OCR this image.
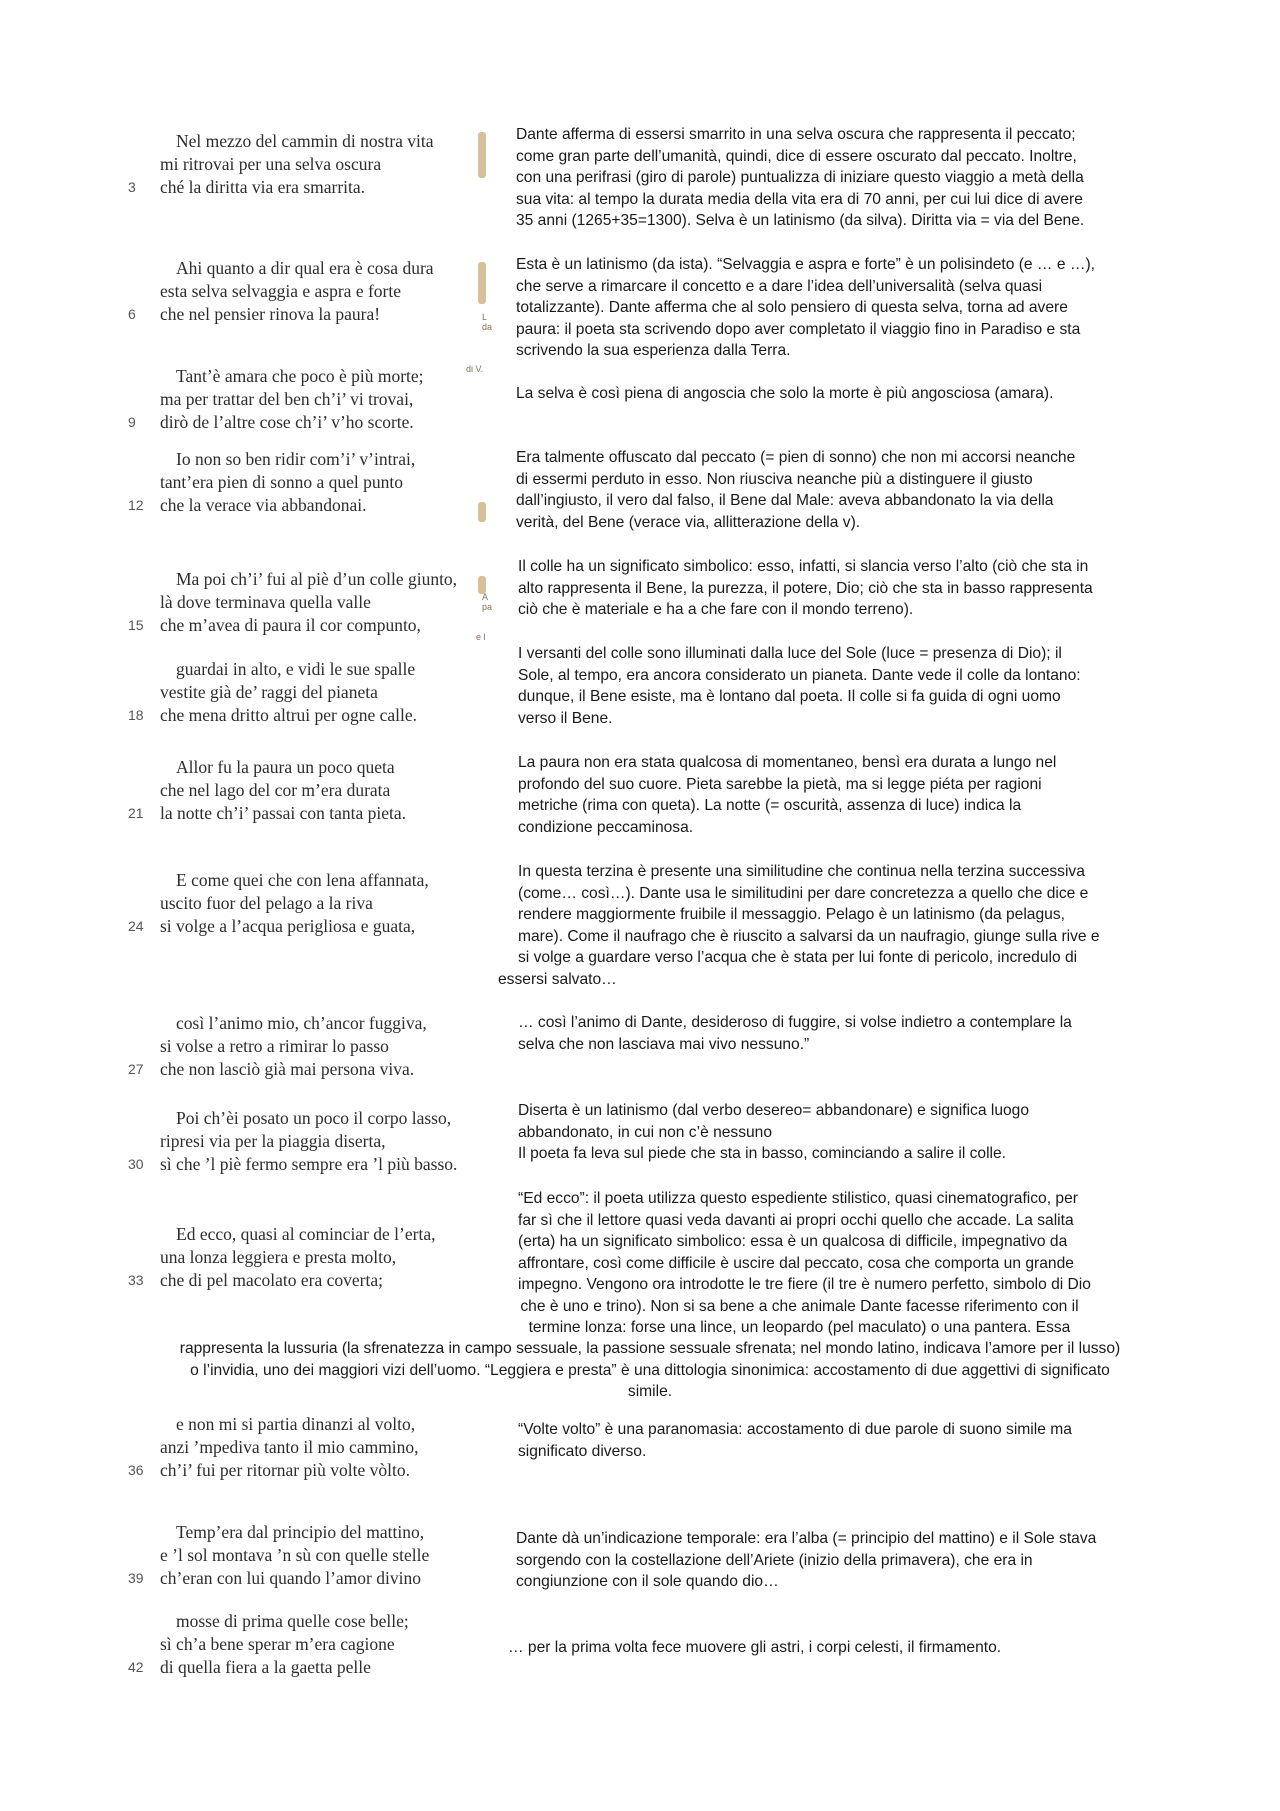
Nel mezzo del cammin di nostra vita
mi ritrovai per una selva oscura
3 ché la diritta via era smarrita.
Ahi quanto a dir qual era è cosa dura
esta selva selvaggia e aspra e forte
6 che nel pensier rinova la paura!
Tant’è amara che poco è più morte;
ma per trattar del ben ch’i’ vi trovai,
9 dirò de l’altre cose ch’i’ v’ho scorte.
Io non so ben ridir com’i’ v’intrai,
tant’era pien di sonno a quel punto
12 che la verace via abbandonai.
Ma poi ch’i’ fui al piè d’un colle giunto,
là dove terminava quella valle
15 che m’avea di paura il cor compunto,
guardai in alto, e vidi le sue spalle
vestite già de’ raggi del pianeta
18 che mena dritto altrui per ogne calle.
Allor fu la paura un poco queta
che nel lago del cor m’era durata
21 la notte ch’i’ passai con tanta pieta.
E come quei che con lena affannata,
uscito fuor del pelago a la riva
24 si volge a l’acqua perigliosa e guata,
così l’animo mio, ch’ancor fuggiva,
si volse a retro a rimirar lo passo
27 che non lasciò già mai persona viva.
Poi ch’èi posato un poco il corpo lasso,
ripresi via per la piaggia diserta,
30 sì che ’l piè fermo sempre era ’l più basso.
Ed ecco, quasi al cominciar de l’erta,
una lonza leggiera e presta molto,
33 che di pel macolato era coverta;
e non mi si partia dinanzi al volto,
anzi ’mpediva tanto il mio cammino,
36 ch’i’ fui per ritornar più volte vòlto.
Temp’era dal principio del mattino,
e ’l sol montava ’n sù con quelle stelle
39 ch’eran con lui quando l’amor divino
mosse di prima quelle cose belle;
sì ch’a bene sperar m’era cagione
42 di quella fiera a la gaetta pelle
L
da
di V.
A
pa
e l

Dante afferma di essersi smarrito in una selva oscura che rappresenta il peccato;

come gran parte dell’umanità, quindi, dice di essere oscurato dal peccato. Inoltre,

con una perifrasi (giro di parole) puntualizza di iniziare questo viaggio a metà della

sua vita: al tempo la durata media della vita era di 70 anni, per cui lui dice di avere

35 anni (1265+35=1300). Selva è un latinismo (da silva). Diritta via = via del Bene.

Esta è un latinismo (da ista). “Selvaggia e aspra e forte” è un polisindeto (e … e …),

che serve a rimarcare il concetto e a dare l’idea dell’universalità (selva quasi

totalizzante). Dante afferma che al solo pensiero di questa selva, torna ad avere

paura: il poeta sta scrivendo dopo aver completato il viaggio fino in Paradiso e sta

scrivendo la sua esperienza dalla Terra.

La selva è così piena di angoscia che solo la morte è più angosciosa (amara).

Era talmente offuscato dal peccato (= pien di sonno) che non mi accorsi neanche

di essermi perduto in esso. Non riusciva neanche più a distinguere il giusto

dall’ingiusto, il vero dal falso, il Bene dal Male: aveva abbandonato la via della

verità, del Bene (verace via, allitterazione della v).

Il colle ha un significato simbolico: esso, infatti, si slancia verso l’alto (ciò che sta in

alto rappresenta il Bene, la purezza, il potere, Dio; ciò che sta in basso rappresenta

ciò che è materiale e ha a che fare con il mondo terreno).

I versanti del colle sono illuminati dalla luce del Sole (luce = presenza di Dio); il

Sole, al tempo, era ancora considerato un pianeta. Dante vede il colle da lontano:

dunque, il Bene esiste, ma è lontano dal poeta. Il colle si fa guida di ogni uomo

verso il Bene.

La paura non era stata qualcosa di momentaneo, bensì era durata a lungo nel

profondo del suo cuore. Pieta sarebbe la pietà, ma si legge piéta per ragioni

metriche (rima con queta). La notte (= oscurità, assenza di luce) indica la

condizione peccaminosa.

In questa terzina è presente una similitudine che continua nella terzina successiva

(come… così…). Dante usa le similitudini per dare concretezza a quello che dice e

rendere maggiormente fruibile il messaggio. Pelago è un latinismo (da pelagus,

mare). Come il naufrago che è riuscito a salvarsi da un naufragio, giunge sulla rive e

si volge a guardare verso l’acqua che è stata per lui fonte di pericolo, incredulo di

essersi salvato…

… così l’animo di Dante, desideroso di fuggire, si volse indietro a contemplare la

selva che non lasciava mai vivo nessuno.”

Diserta è un latinismo (dal verbo desereo= abbandonare) e significa luogo

abbandonato, in cui non c’è nessuno

Il poeta fa leva sul piede che sta in basso, cominciando a salire il colle.

“Ed ecco”: il poeta utilizza questo espediente stilistico, quasi cinematografico, per

far sì che il lettore quasi veda davanti ai propri occhi quello che accade. La salita

(erta) ha un significato simbolico: essa è un qualcosa di difficile, impegnativo da

affrontare, così come difficile è uscire dal peccato, cosa che comporta un grande

impegno. Vengono ora introdotte le tre fiere (il tre è numero perfetto, simbolo di Dio

che è uno e trino). Non si sa bene a che animale Dante facesse riferimento con il

termine lonza: forse una lince, un leopardo (pel maculato) o una pantera. Essa

rappresenta la lussuria (la sfrenatezza in campo sessuale, la passione sessuale sfrenata; nel mondo latino, indicava l’amore per il lusso)

o l’invidia, uno dei maggiori vizi dell’uomo. “Leggiera e presta” è una dittologia sinonimica: accostamento di due aggettivi di significato

simile.

“Volte volto” è una paranomasia: accostamento di due parole di suono simile ma

significato diverso.

Dante dà un’indicazione temporale: era l’alba (= principio del mattino) e il Sole stava

sorgendo con la costellazione dell’Ariete (inizio della primavera), che era in

congiunzione con il sole quando dio…

… per la prima volta fece muovere gli astri, i corpi celesti, il firmamento.
